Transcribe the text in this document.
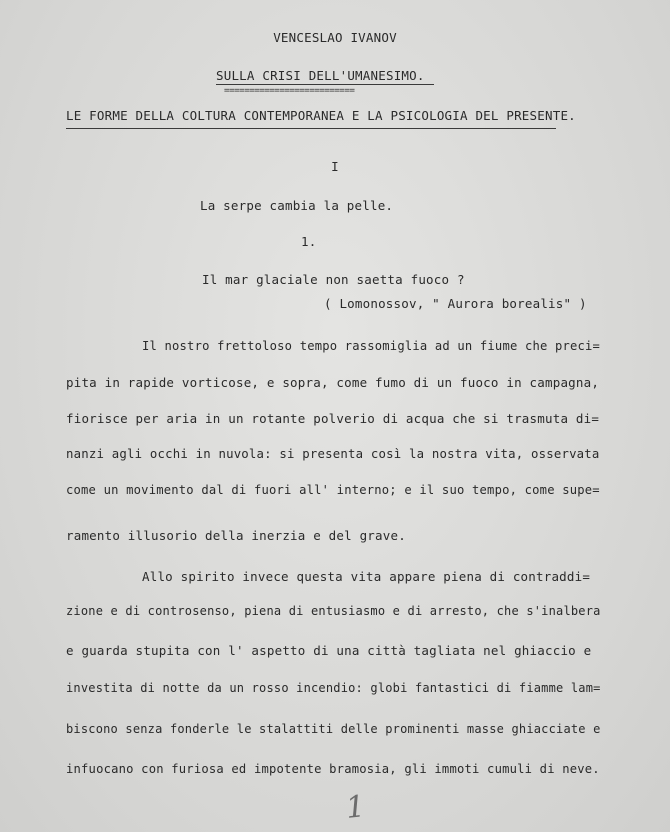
VENCESLAO IVANOV
SULLA CRISI DELL'UMANESIMO.
==========================
LE FORME DELLA COLTURA CONTEMPORANEA E LA PSICOLOGIA DEL PRESENTE.
I
La serpe cambia la pelle.
1.
Il mar glaciale non saetta fuoco ?
( Lomonossov, " Aurora borealis" )
Il nostro frettoloso tempo rassomiglia ad un fiume che preci=
pita in rapide vorticose, e sopra, come fumo di un fuoco in campagna,
fiorisce per aria in un rotante polverio di acqua che si trasmuta di=
nanzi agli occhi in nuvola: si presenta così la nostra vita, osservata
come un movimento dal di fuori all' interno; e il suo tempo, come supe=
ramento illusorio della inerzia e del grave.
Allo spirito invece questa vita appare piena di contraddi=
zione e di controsenso, piena di entusiasmo e di arresto, che s'inalbera
e guarda stupita con l' aspetto di una città tagliata nel ghiaccio e
investita di notte da un rosso incendio: globi fantastici di fiamme lam=
biscono senza fonderle le stalattiti delle prominenti masse ghiacciate e
infuocano con furiosa ed impotente bramosia, gli immoti cumuli di neve.
1
